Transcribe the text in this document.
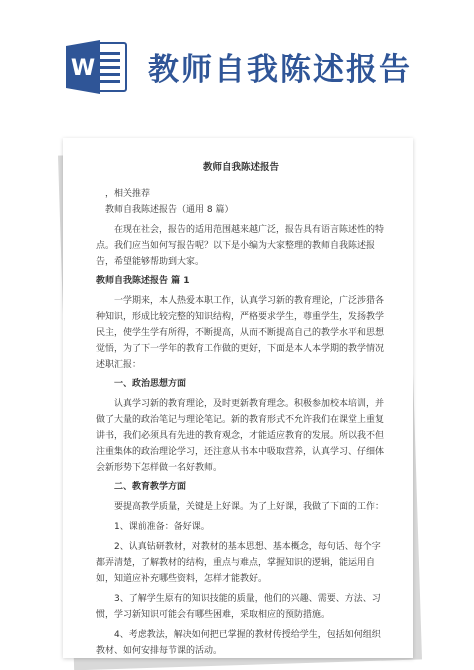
W 教师自我陈述报告
教师自我陈述报告
，相关推荐
教师自我陈述报告（通用 8 篇）
在现在社会，报告的适用范围越来越广泛，报告具有语言陈述性的特点。我们应当如何写报告呢？以下是小编为大家整理的教师自我陈述报告，希望能够帮助到大家。
教师自我陈述报告 篇 1
一学期来，本人热爱本职工作，认真学习新的教育理论，广泛涉猎各种知识，形成比较完整的知识结构，严格要求学生，尊重学生，发扬教学民主，使学生学有所得，不断提高，从而不断提高自己的教学水平和思想觉悟，为了下一学年的教育工作做的更好，下面是本人本学期的教学情况述职汇报：
一、政治思想方面
认真学习新的教育理论，及时更新教育理念。积极参加校本培训，并做了大量的政治笔记与理论笔记。新的教育形式不允许我们在课堂上重复讲书，我们必须具有先进的教育观念，才能适应教育的发展。所以我不但注重集体的政治理论学习，还注意从书本中吸取营养，认真学习、仔细体会新形势下怎样做一名好教师。
二、教育教学方面
要提高教学质量，关键是上好课。为了上好课，我做了下面的工作：
1、课前准备：备好课。
2、认真钻研教材，对教材的基本思想、基本概念，每句话、每个字都弄清楚，了解教材的结构，重点与难点，掌握知识的逻辑，能运用自如，知道应补充哪些资料，怎样才能教好。
3、了解学生原有的知识技能的质量，他们的兴趣、需要、方法、习惯，学习新知识可能会有哪些困难，采取相应的预防措施。
4、考虑教法，解决如何把已掌握的教材传授给学生，包括如何组织教材、如何安排每节课的活动。
